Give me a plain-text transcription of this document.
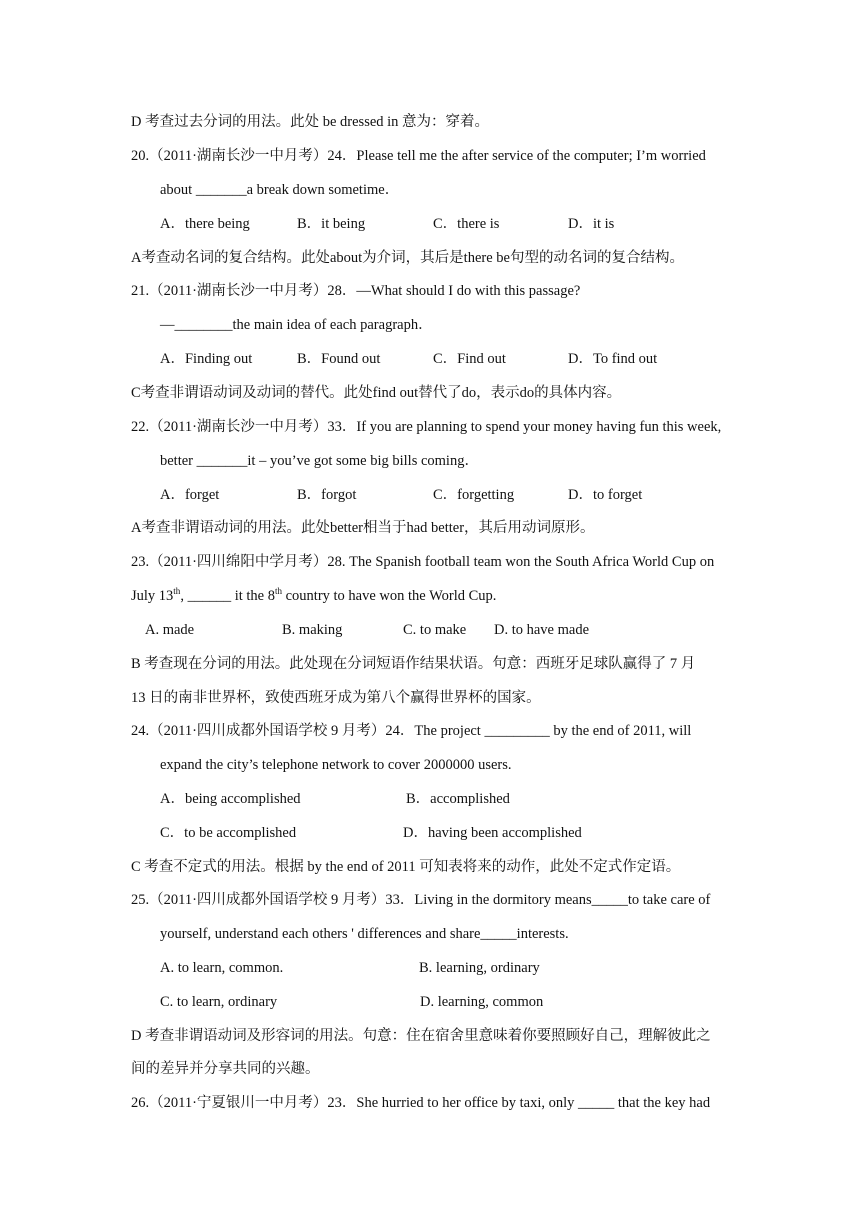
D 考查过去分词的用法。此处 be dressed in 意为：穿着。
20.（2011·湖南长沙一中月考）24．Please tell me the after service of the computer; I’m worried
about _______a break down sometime．
A．there being	B．it being	C．there is	D．it is
A考查动名词的复合结构。此处about为介词，其后是there be句型的动名词的复合结构。
21.（2011·湖南长沙一中月考）28．—What should I do with this passage?
—________the main idea of each paragraph．
A．Finding out	B．Found out	C．Find out	D．To find out
C考查非谓语动词及动词的替代。此处find out替代了do，表示do的具体内容。
22.（2011·湖南长沙一中月考）33．If you are planning to spend your money having fun this week,
better _______it – you’ve got some big bills coming．
A．forget	B．forgot	C．forgetting	D．to forget
A考查非谓语动词的用法。此处better相当于had better，其后用动词原形。
23.（2011·四川绵阳中学月考）28. The Spanish football team won the South Africa World Cup on
July 13th, ______ it the 8th country to have won the World Cup.
A. made	B. making	C. to make D. to have made
B 考查现在分词的用法。此处现在分词短语作结果状语。句意：西班牙足球队赢得了 7 月
13 日的南非世界杯，致使西班牙成为第八个赢得世界杯的国家。
24.（2011·四川成都外国语学校 9 月考）24．The project _________ by the end of 2011, will
expand the city’s telephone network to cover 2000000 users.
A．being accomplished	B．accomplished
C．to be accomplished	D．having been accomplished
C 考查不定式的用法。根据 by the end of 2011 可知表将来的动作，此处不定式作定语。
25.（2011·四川成都外国语学校 9 月考）33．Living in the dormitory means_____to take care of
yourself, understand each others ' differences and share_____interests.
A. to learn, common.	B. learning, ordinary
C. to learn, ordinary	D. learning, common
D 考查非谓语动词及形容词的用法。句意：住在宿舍里意味着你要照顾好自己，理解彼此之
间的差异并分享共同的兴趣。
26.（2011·宁夏银川一中月考）23．She hurried to her office by taxi, only _____ that the key had
